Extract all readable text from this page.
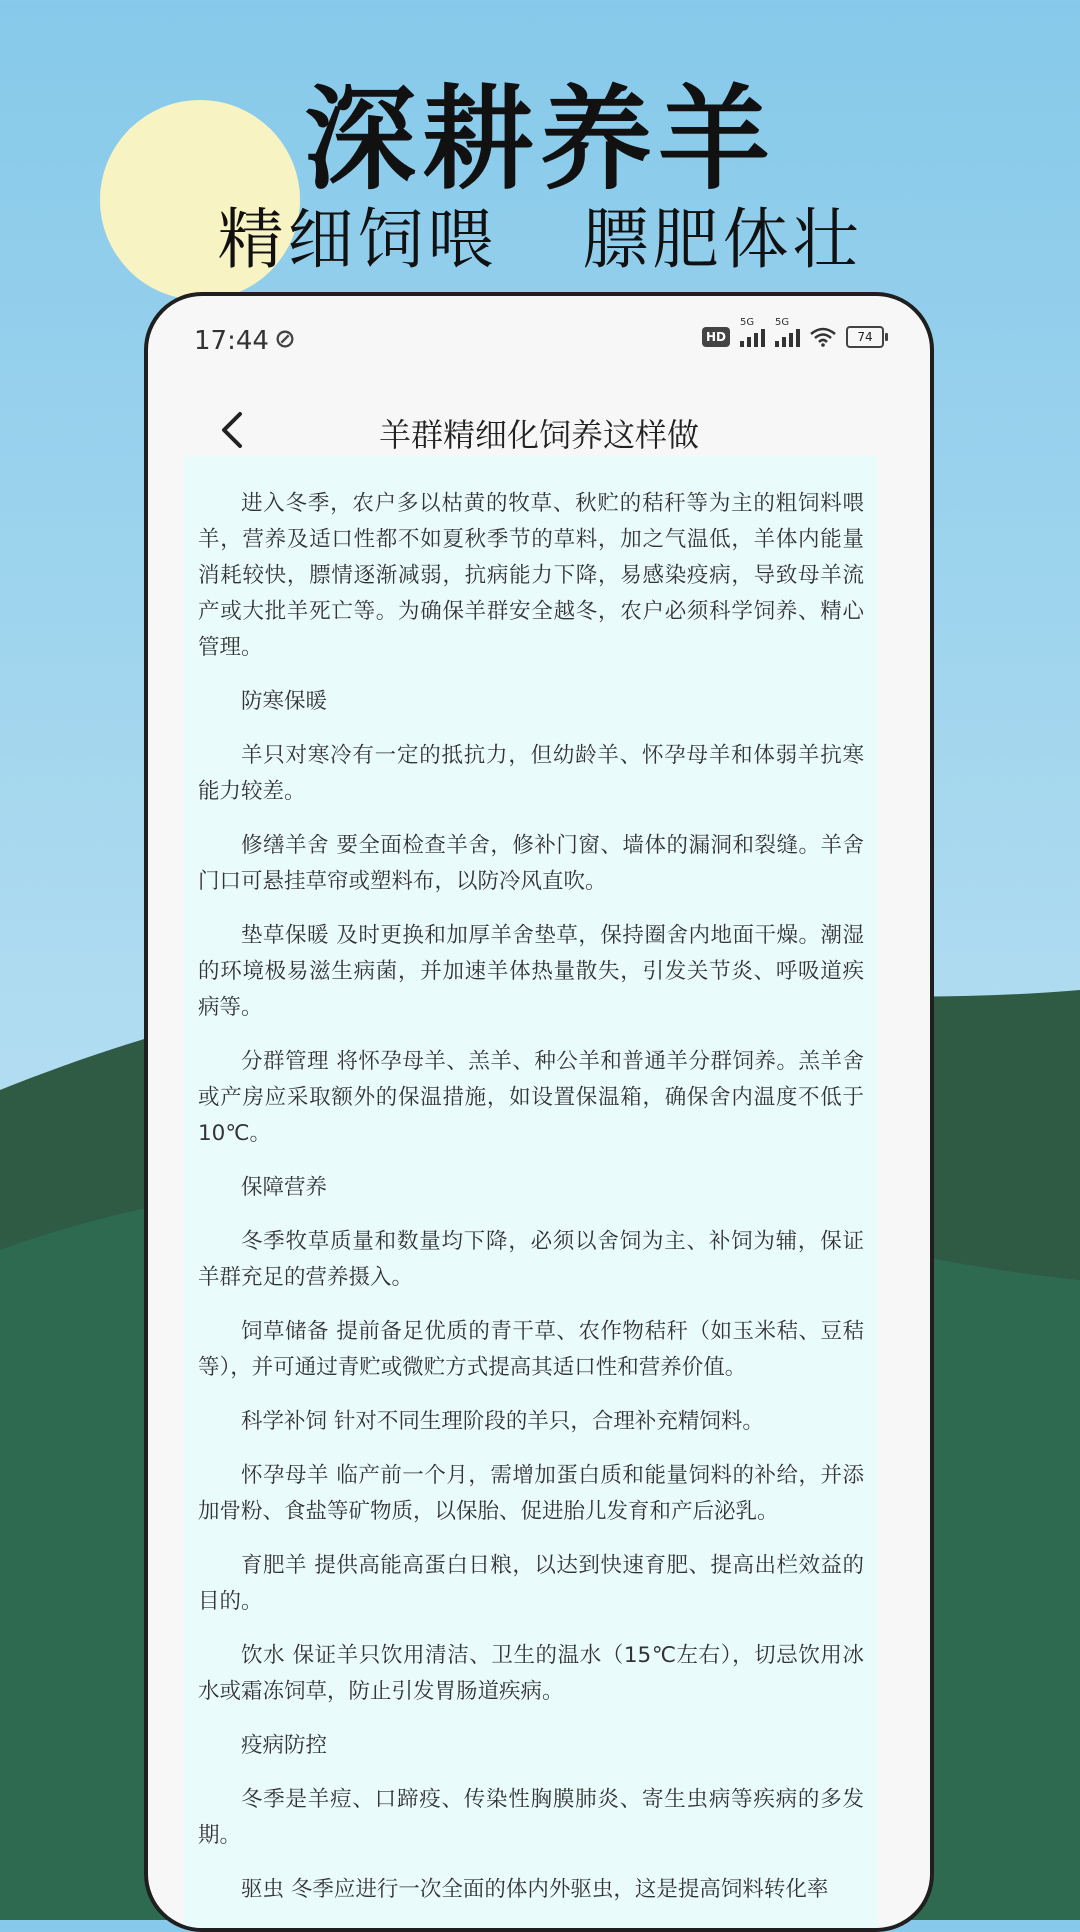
深耕养羊
精细饲喂 膘肥体壮
17:44	HD
5G 5G
74
羊群精细化饲养这样做

进入冬季，农户多以枯黄的牧草、秋贮的秸秆等为主的粗饲料喂羊，营养及适口性都不如夏秋季节的草料，加之气温低，羊体内能量消耗较快，膘情逐渐减弱，抗病能力下降，易感染疫病，导致母羊流产或大批羊死亡等。为确保羊群安全越冬，农户必须科学饲养、精心管理。

防寒保暖

羊只对寒冷有一定的抵抗力，但幼龄羊、怀孕母羊和体弱羊抗寒能力较差。

修缮羊舍 要全面检查羊舍，修补门窗、墙体的漏洞和裂缝。羊舍门口可悬挂草帘或塑料布，以防冷风直吹。

垫草保暖 及时更换和加厚羊舍垫草，保持圈舍内地面干燥。潮湿的环境极易滋生病菌，并加速羊体热量散失，引发关节炎、呼吸道疾病等。

分群管理 将怀孕母羊、羔羊、种公羊和普通羊分群饲养。羔羊舍或产房应采取额外的保温措施，如设置保温箱，确保舍内温度不低于10℃。

保障营养

冬季牧草质量和数量均下降，必须以舍饲为主、补饲为辅，保证羊群充足的营养摄入。

饲草储备 提前备足优质的青干草、农作物秸秆（如玉米秸、豆秸等），并可通过青贮或微贮方式提高其适口性和营养价值。

科学补饲 针对不同生理阶段的羊只，合理补充精饲料。

怀孕母羊 临产前一个月，需增加蛋白质和能量饲料的补给，并添加骨粉、食盐等矿物质，以保胎、促进胎儿发育和产后泌乳。

育肥羊 提供高能高蛋白日粮，以达到快速育肥、提高出栏效益的目的。

饮水 保证羊只饮用清洁、卫生的温水（15℃左右），切忌饮用冰水或霜冻饲草，防止引发胃肠道疾病。

疫病防控

冬季是羊痘、口蹄疫、传染性胸膜肺炎、寄生虫病等疾病的多发期。

驱虫 冬季应进行一次全面的体内外驱虫，这是提高饲料转化率
